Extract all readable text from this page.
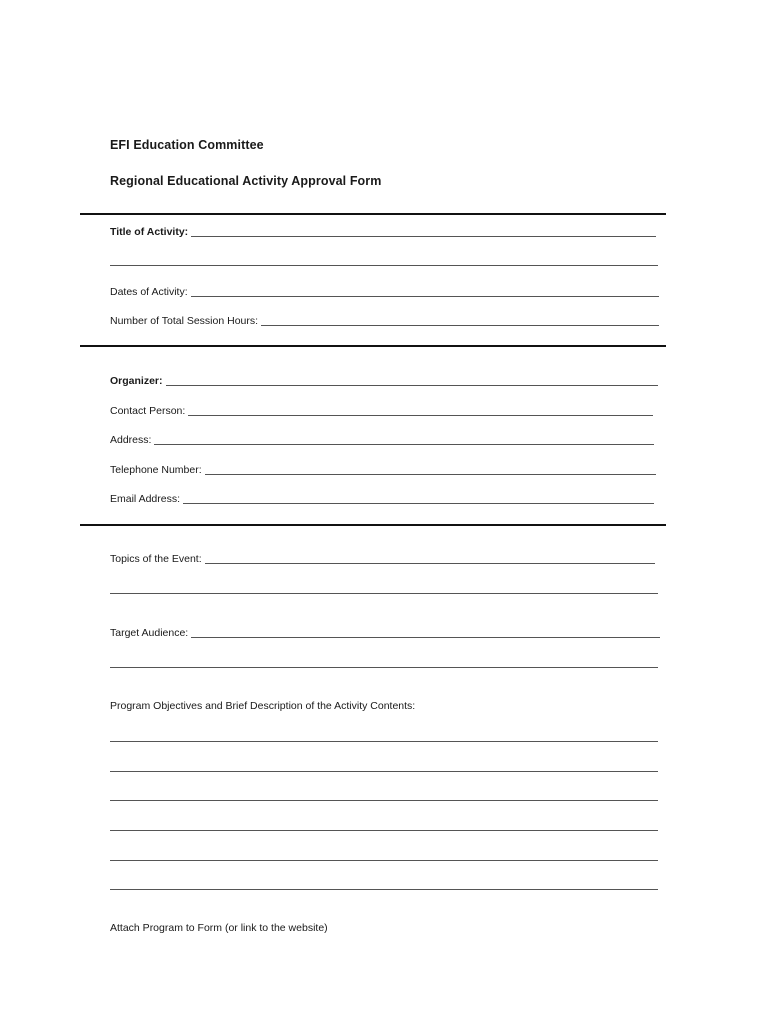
EFI Education Committee
Regional Educational Activity Approval Form
Title of Activity:
Dates of Activity:
Number of Total Session Hours:
Organizer:
Contact Person:
Address:
Telephone Number:
Email Address:
Topics of the Event:
Target Audience:
Program Objectives and Brief Description of the Activity Contents:
Attach Program to Form (or link to the website)
